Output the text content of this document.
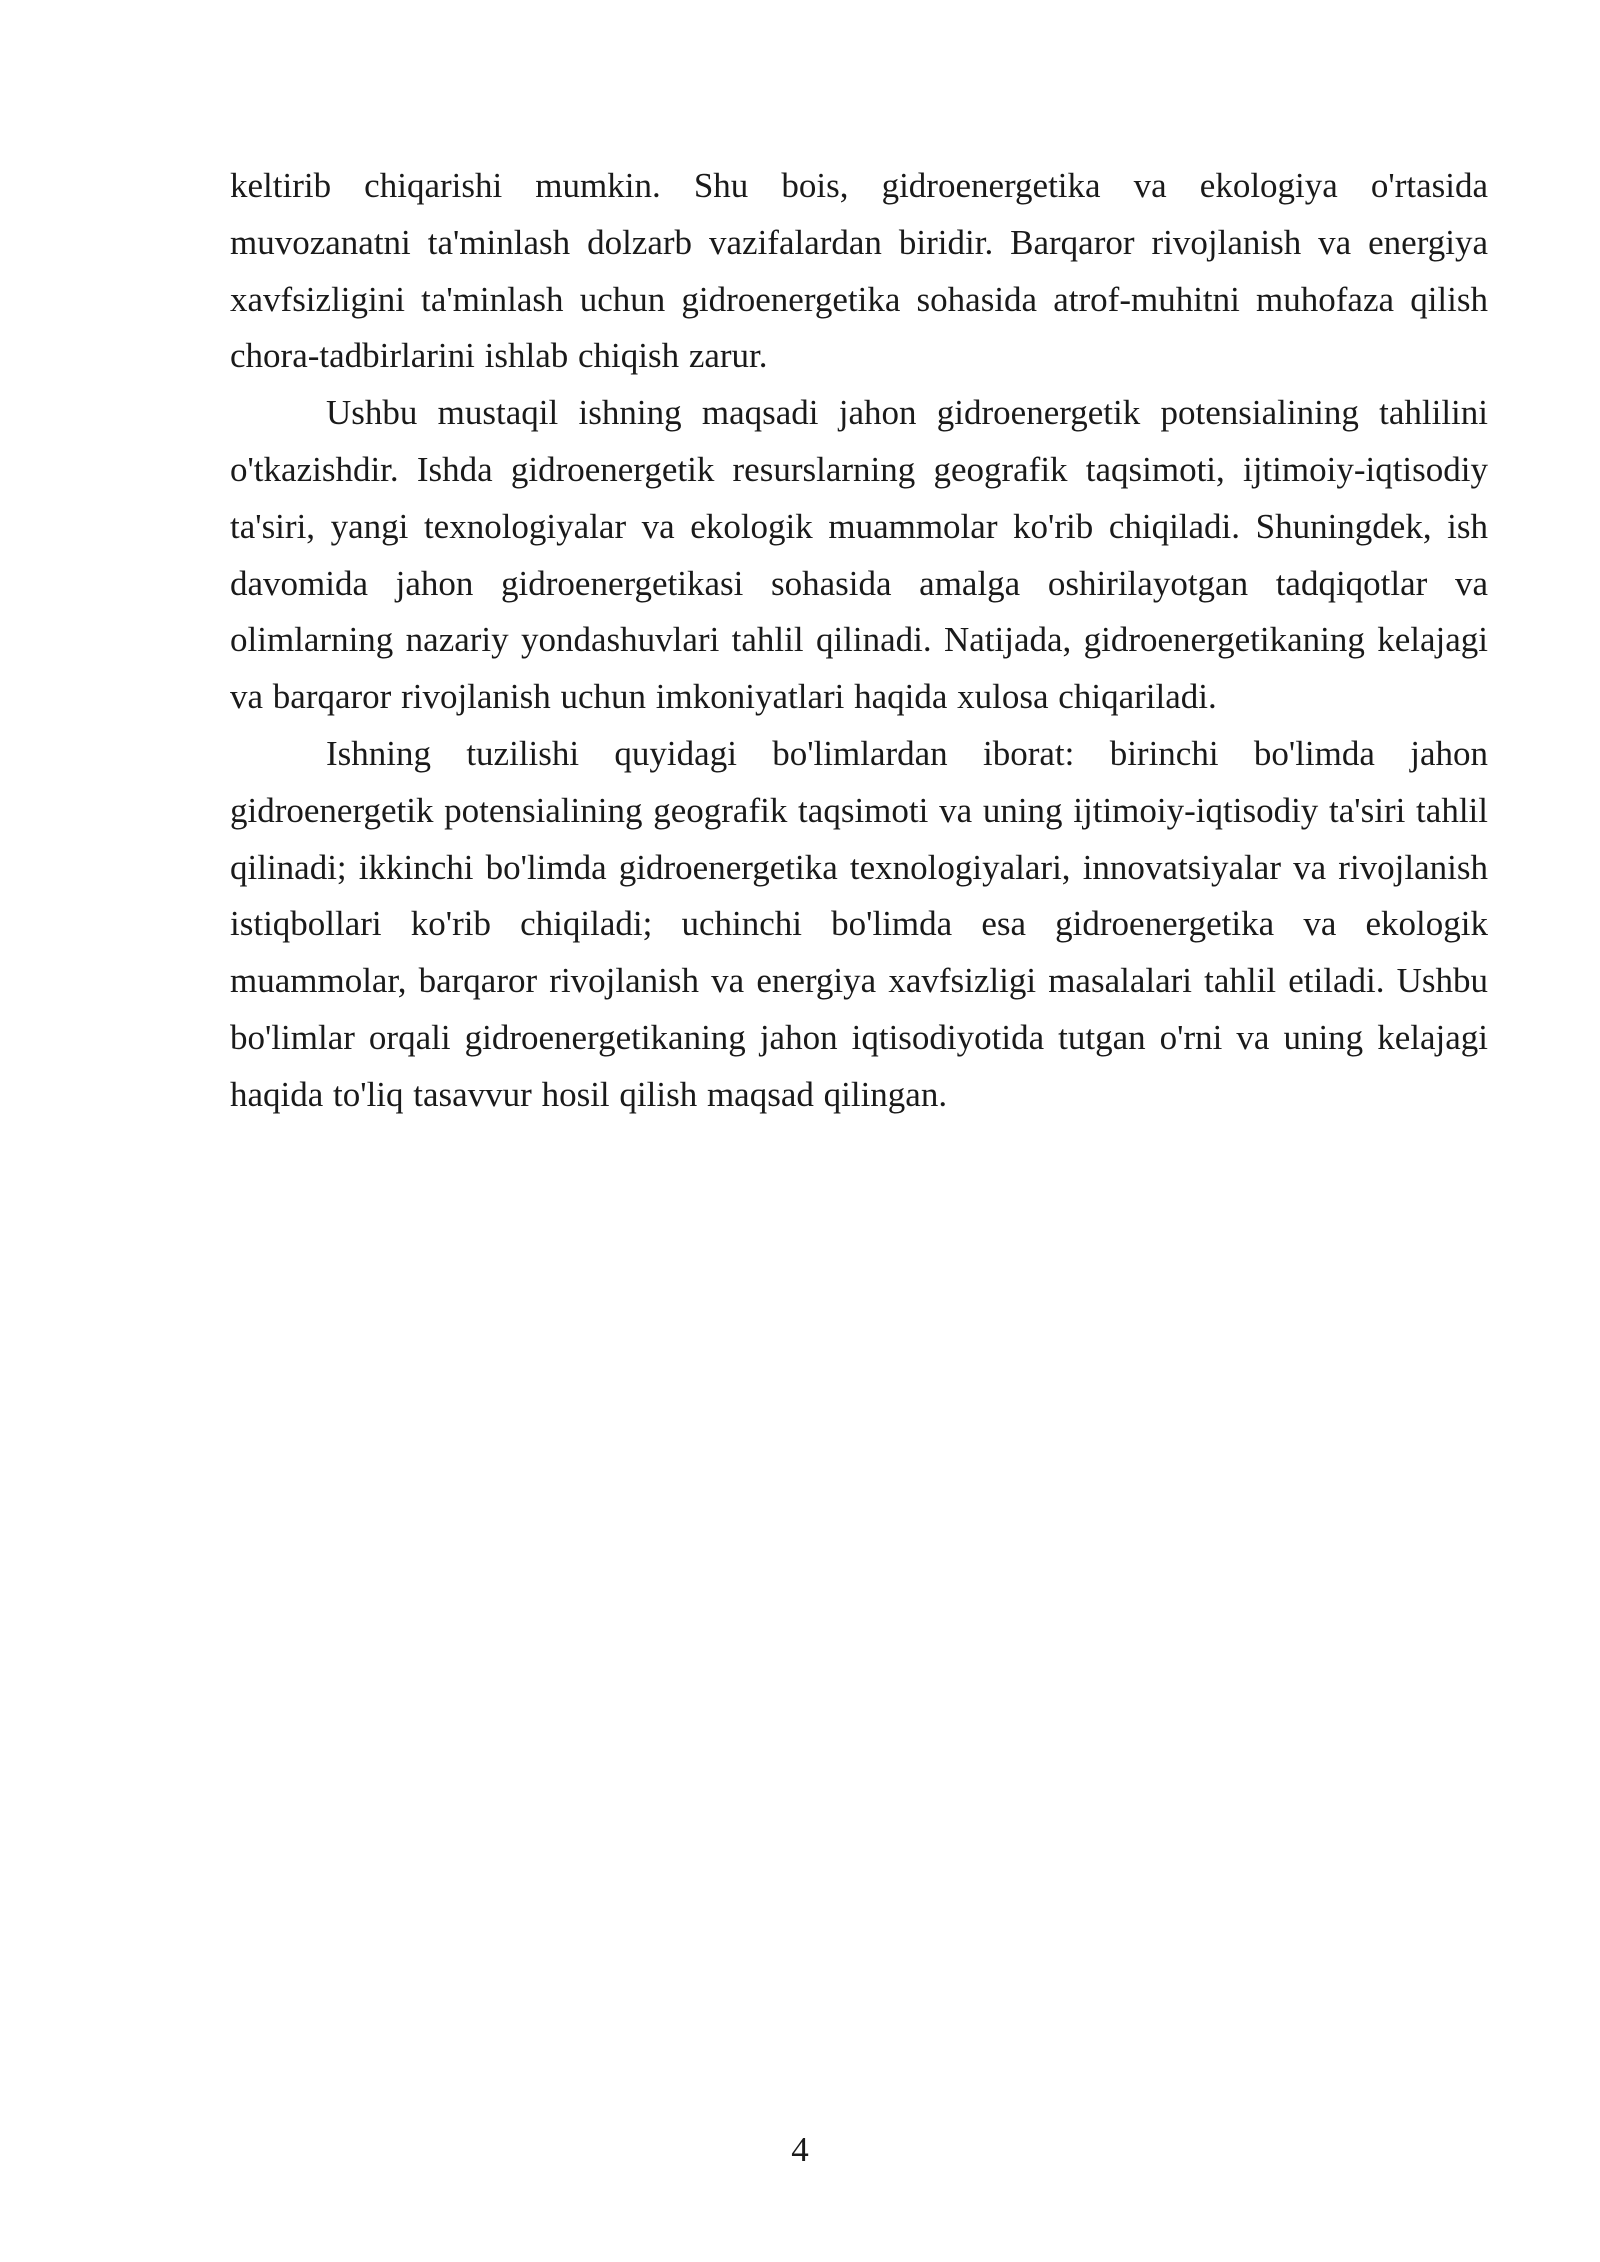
keltirib chiqarishi mumkin. Shu bois, gidroenergetika va ekologiya o'rtasida muvozanatni ta'minlash dolzarb vazifalardan biridir. Barqaror rivojlanish va energiya xavfsizligini ta'minlash uchun gidroenergetika sohasida atrof-muhitni muhofaza qilish chora-tadbirlarini ishlab chiqish zarur.

Ushbu mustaqil ishning maqsadi jahon gidroenergetik potensialining tahlilini o'tkazishdir. Ishda gidroenergetik resurslarning geografik taqsimoti, ijtimoiy-iqtisodiy ta'siri, yangi texnologiyalar va ekologik muammolar ko'rib chiqiladi. Shuningdek, ish davomida jahon gidroenergetikasi sohasida amalga oshirilayotgan tadqiqotlar va olimlarning nazariy yondashuvlari tahlil qilinadi. Natijada, gidroenergetikaning kelajagi va barqaror rivojlanish uchun imkoniyatlari haqida xulosa chiqariladi.

Ishning tuzilishi quyidagi bo'limlardan iborat: birinchi bo'limda jahon gidroenergetik potensialining geografik taqsimoti va uning ijtimoiy-iqtisodiy ta'siri tahlil qilinadi; ikkinchi bo'limda gidroenergetika texnologiyalari, innovatsiyalar va rivojlanish istiqbollari ko'rib chiqiladi; uchinchi bo'limda esa gidroenergetika va ekologik muammolar, barqaror rivojlanish va energiya xavfsizligi masalalari tahlil etiladi. Ushbu bo'limlar orqali gidroenergetikaning jahon iqtisodiyotida tutgan o'rni va uning kelajagi haqida to'liq tasavvur hosil qilish maqsad qilingan.

4
